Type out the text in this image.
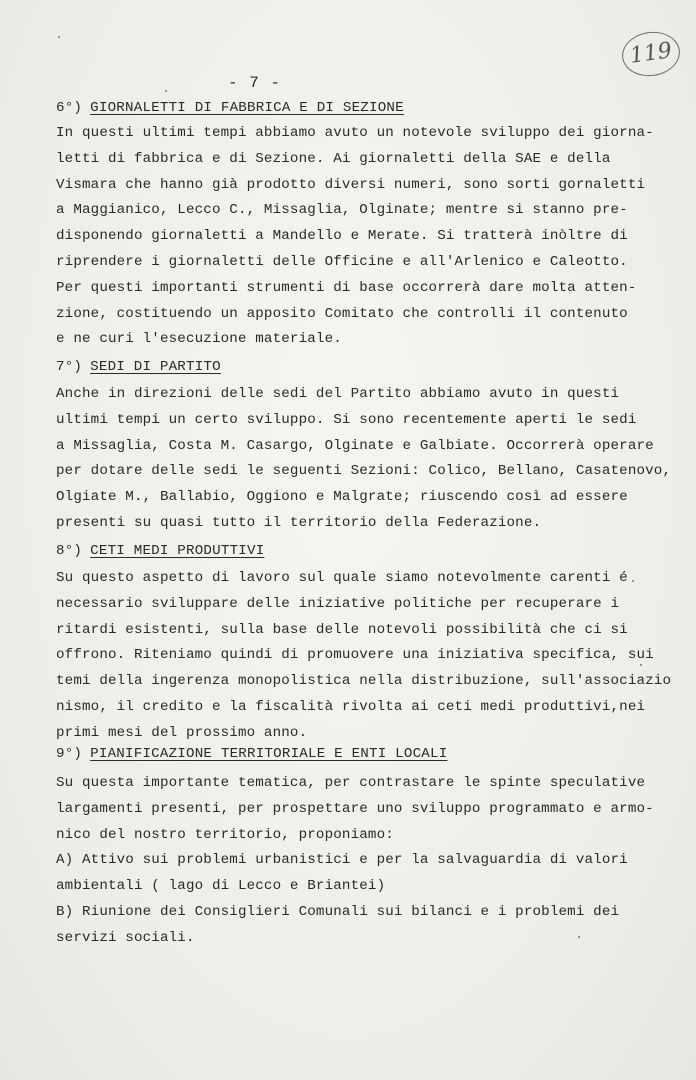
119
- 7 -
6°) GIORNALETTI DI FABBRICA E DI SEZIONE
In questi ultimi tempi abbiamo avuto un notevole sviluppo dei giorna-
letti di fabbrica e di Sezione. Ai giornaletti della SAE e della
Vismara che hanno già prodotto diversi numeri, sono sorti gornaletti
a Maggianico, Lecco C., Missaglia, Olginate; mentre si stanno pre-
disponendo giornaletti a Mandello e Merate. Si tratterà inòltre di
riprendere i giornaletti delle Officine e all'Arlenico e Caleotto.
Per questi importanti strumenti di base occorrerà dare molta atten-
zione, costituendo un apposito Comitato che controlli il contenuto
e ne curi l'esecuzione materiale.
7°) SEDI DI PARTITO
Anche in direzioni delle sedi del Partito abbiamo avuto in questi
ultimi tempi un certo sviluppo. Si sono recentemente aperti le sedi
a Missaglia, Costa M. Casargo, Olginate e Galbiate. Occorrerà operare
per dotare delle sedi le seguenti Sezioni: Colico, Bellano, Casatenovo,
Olgiate M., Ballabio, Oggiono e Malgrate; riuscendo così ad essere
presenti su quasi tutto il territorio della Federazione.
8°) CETI MEDI PRODUTTIVI
Su questo aspetto di lavoro sul quale siamo notevolmente carenti é
necessario sviluppare delle iniziative politiche per recuperare i
ritardi esistenti, sulla base delle notevoli possibilità che ci si
offrono. Riteniamo quindi di promuovere una iniziativa specifica, sui
temi della ingerenza monopolistica nella distribuzione, sull'associazio
nismo, il credito e la fiscalità rivolta ai ceti medi produttivi,nei
primi mesi del prossimo anno.
9°) PIANIFICAZIONE TERRITORIALE E ENTI LOCALI
Su questa importante tematica, per contrastare le spinte speculative
largamenti presenti, per prospettare uno sviluppo programmato e armo-
nico del nostro territorio, proponiamo:
A) Attivo sui problemi urbanistici e per la salvaguardia di valori
ambientali ( lago di Lecco e Briantei)
B) Riunione dei Consiglieri Comunali sui bilanci e i problemi dei
servizi sociali.
